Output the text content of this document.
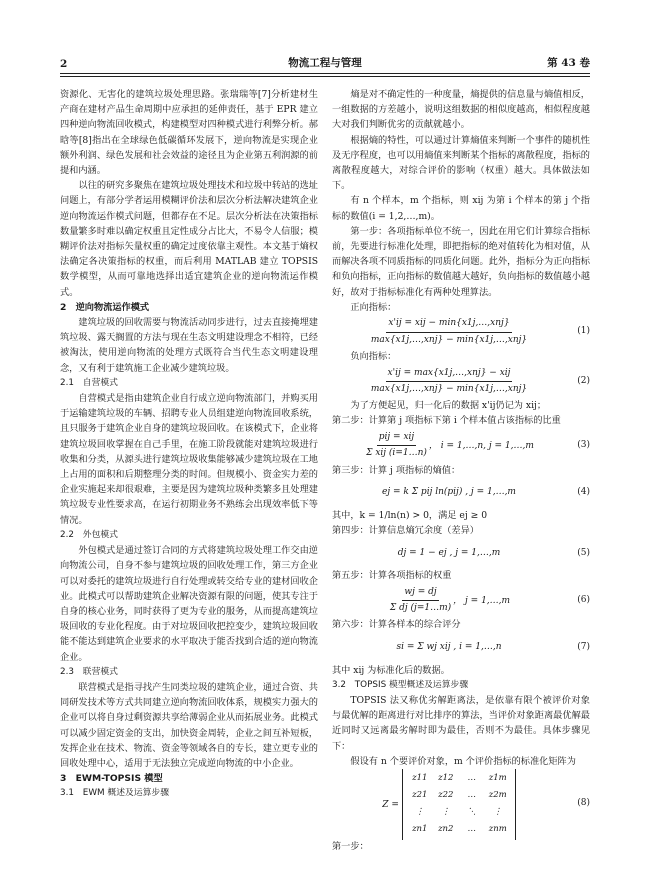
2	物流工程与管理	第 43 卷

资源化、无害化的建筑垃圾处理思路。张瑞瑞等[7]分析建材生产商在建材产品生命周期中应承担的延伸责任，基于 EPR 建立四种逆向物流回收模式，构建模型对四种模式进行利弊分析。郝晗等[8]指出在全球绿色低碳循环发展下，逆向物流是实现企业额外利润、绿色发展和社会效益的途径且为企业第五利润源的前提和内涵。

以往的研究多聚焦在建筑垃圾处理技术和垃圾中转站的选址问题上，有部分学者运用模糊评价法和层次分析法解决建筑企业逆向物流运作模式问题，但都存在不足。层次分析法在决策指标数量繁多时难以确定权重且定性成分占比大，不易令人信服；模糊评价法对指标矢量权重的确定过度依靠主观性。本文基于熵权法确定各决策指标的权重，而后利用 MATLAB 建立 TOPSIS 数学模型，从而可靠地选择出适宜建筑企业的逆向物流运作模式。

2　逆向物流运作模式

建筑垃圾的回收需要与物流活动同步进行，过去直接掩埋建筑垃圾、露天搁置的方法与现在生态文明建设理念不相符，已经被淘汰，使用逆向物流的处理方式既符合当代生态文明建设理念，又有利于建筑施工企业减少建筑垃圾。

2.1　自营模式

自营模式是指由建筑企业自行成立逆向物流部门，并购买用于运输建筑垃圾的车辆、招聘专业人员组建逆向物流回收系统，且只服务于建筑企业自身的建筑垃圾回收。在该模式下，企业将建筑垃圾回收掌握在自己手里，在施工阶段就能对建筑垃圾进行收集和分类，从源头进行建筑垃圾收集能够减少建筑垃圾在工地上占用的面积和后期整理分类的时间。但规模小、资金实力差的企业实施起来却很艰难，主要是因为建筑垃圾种类繁多且处理建筑垃圾专业性要求高，在运行初期业务不熟练会出现效率低下等情况。

2.2　外包模式

外包模式是通过签订合同的方式将建筑垃圾处理工作交由逆向物流公司，自身不参与建筑垃圾的回收处理工作，第三方企业可以对委托的建筑垃圾进行自行处理或转交给专业的建材回收企业。此模式可以帮助建筑企业解决资源有限的问题，使其专注于自身的核心业务，同时获得了更为专业的服务，从而提高建筑垃圾回收的专业化程度。由于对垃圾回收把控变少，建筑垃圾回收能不能达到建筑企业要求的水平取决于能否找到合适的逆向物流企业。

2.3　联营模式

联营模式是指寻找产生同类垃圾的建筑企业，通过合资、共同研发技术等方式共同建立逆向物流回收体系，规模实力强大的企业可以将自身过剩资源共享给薄弱企业从而拓展业务。此模式可以减少固定资金的支出，加快资金周转，企业之间互补短板，发挥企业在技术、物流、资金等领域各自的专长，建立更专业的回收处理中心，适用于无法独立完成逆向物流的中小企业。

3　EWM-TOPSIS 模型

3.1　EWM 概述及运算步骤

熵是对不确定性的一种度量，熵提供的信息量与熵值相反，一组数据的方差越小，说明这组数据的相似度越高，相似程度越大对我们判断优劣的贡献就越小。

根据熵的特性，可以通过计算熵值来判断一个事件的随机性及无序程度，也可以用熵值来判断某个指标的离散程度，指标的离散程度越大，对综合评价的影响（权重）越大。具体做法如下。

有 n 个样本，m 个指标，则 xij 为第 i 个样本的第 j 个指标的数值(i = 1,2,…,m)。

第一步：各项指标单位不统一，因此在用它们计算综合指标前，先要进行标准化处理，即把指标的绝对值转化为相对值，从而解决各项不同质指标的同质化问题。此外，指标分为正向指标和负向指标，正向指标的数值越大越好，负向指标的数值越小越好，故对于指标标准化有两种处理算法。

正向指标：

$\frac{\text{x'ij = xij − min\{x1j,…,xnj\}}}{\text{max\{x1j,…,xnj\} − min\{x1j,…,xnj\}}}$	(1)

负向指标：

$\frac{\text{x'ij = max\{x1j,…,xnj\} − xij}}{\text{max\{x1j,…,xnj\} − min\{x1j,…,xnj\}}}$	(2)

为了方便起见，归一化后的数据 x'ij仍记为 xij；

第二步：计算第 j 项指标下第 i 个样本值占该指标的比重

$\frac{\text{pij = xij}}{\text{Σ xij (i=1…n)}}$ ， i = 1,…,n, j = 1,…,m	(3)

第三步：计算 j 项指标的熵值：

ej = k Σ pij ln(pij) , j = 1,…,m	(4)

其中，k = 1/ln(n) > 0，满足 ej ≥ 0

第四步：计算信息熵冗余度（差异）

dj = 1 − ej , j = 1,…,m	(5)

第五步：计算各项指标的权重

$\frac{wj = dj}{\text{Σ dj (j=1…m)}}$ ， j = 1,…,m	(6)

第六步：计算各样本的综合评分

si = Σ wj xij , i = 1,…,n	(7)

其中 xij 为标准化后的数据。

3.2　TOPSIS 模型概述及运算步骤

TOPSIS 法又称优劣解距离法，是依靠有限个被评价对象与最优解的距离进行对比排序的算法，当评价对象距离最优解最近同时又远离最劣解时即为最佳，否则不为最佳。具体步骤见下：

假设有 n 个要评价对象，m 个评价指标的标准化矩阵为

Z =
z11	z12	…	z1m
z21	z22	…	z2m
⋮	⋮	⋱	⋮
zn1	zn2	…	znm
(8)

第一步：
